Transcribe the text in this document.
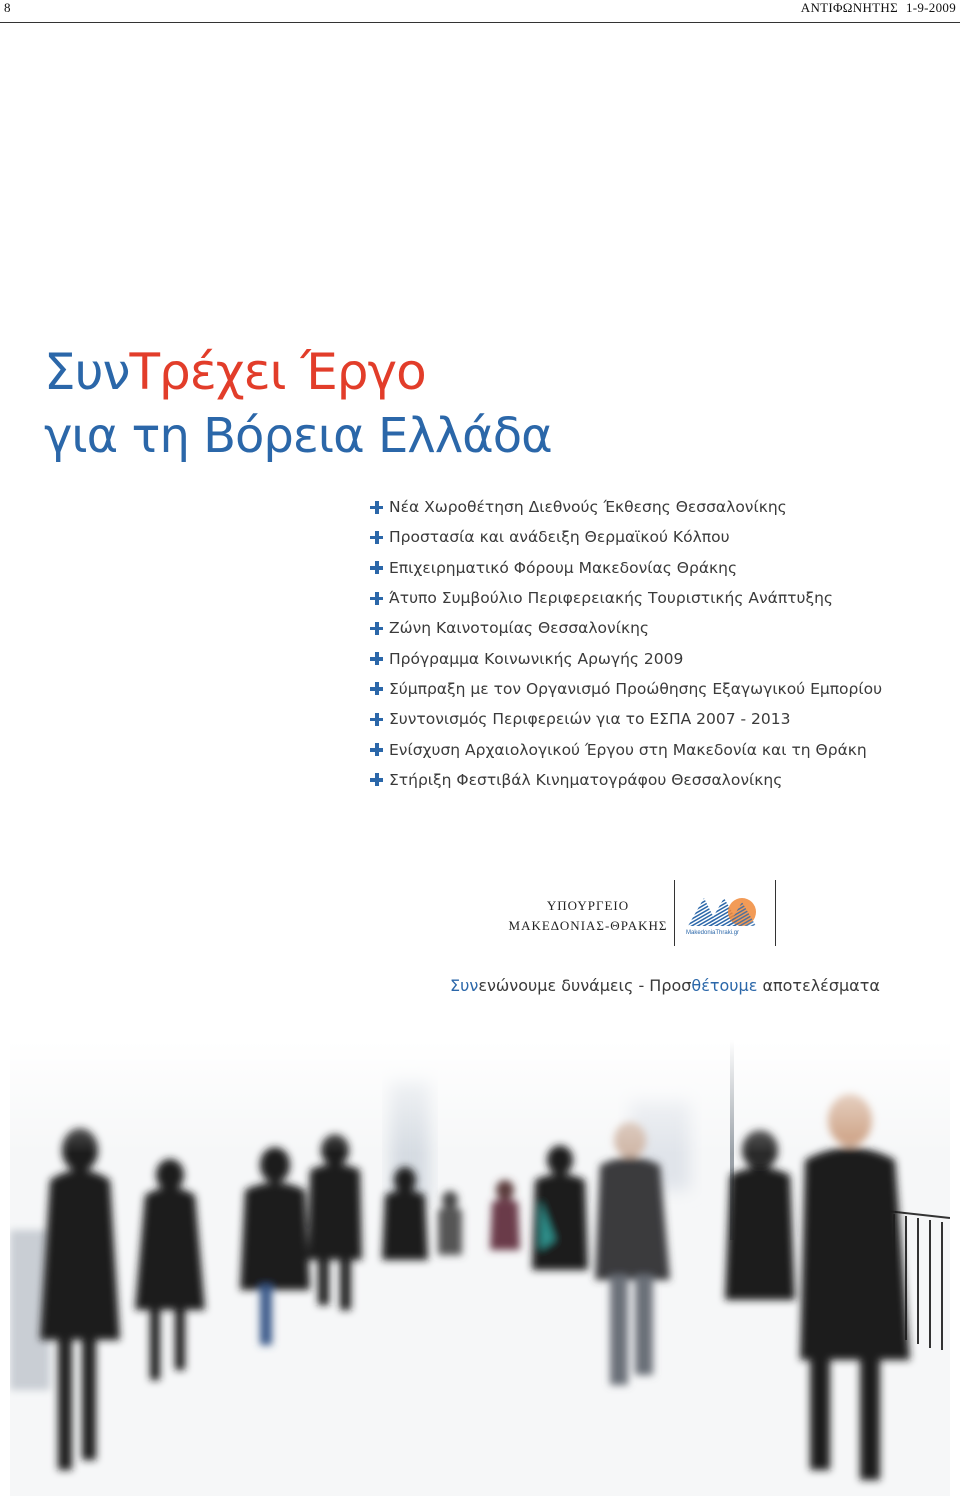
8	ΑΝΤΙΦΩΝΗΤΗΣ 1-9-2009
ΣυνΤρέχει Έργο
για τη Βόρεια Ελλάδα
Νέα Χωροθέτηση Διεθνούς Έκθεσης Θεσσαλονίκης
Προστασία και ανάδειξη Θερμαϊκού Κόλπου
Επιχειρηματικό Φόρουμ Μακεδονίας Θράκης
Άτυπο Συμβούλιο Περιφερειακής Τουριστικής Ανάπτυξης
Ζώνη Καινοτομίας Θεσσαλονίκης
Πρόγραμμα Κοινωνικής Αρωγής 2009
Σύμπραξη με τον Οργανισμό Προώθησης Εξαγωγικού Εμπορίου
Συντονισμός Περιφερειών για το ΕΣΠΑ 2007 - 2013
Ενίσχυση Αρχαιολογικού Έργου στη Μακεδονία και τη Θράκη
Στήριξη Φεστιβάλ Κινηματογράφου Θεσσαλονίκης
ΥΠΟΥΡΓΕΙΟ
ΜΑΚΕΔΟΝΙΑΣ-ΘΡΑΚΗΣ	MakedoniaThraki.gr
Συνενώνουμε δυνάμεις - Προσθέτουμε αποτελέσματα
